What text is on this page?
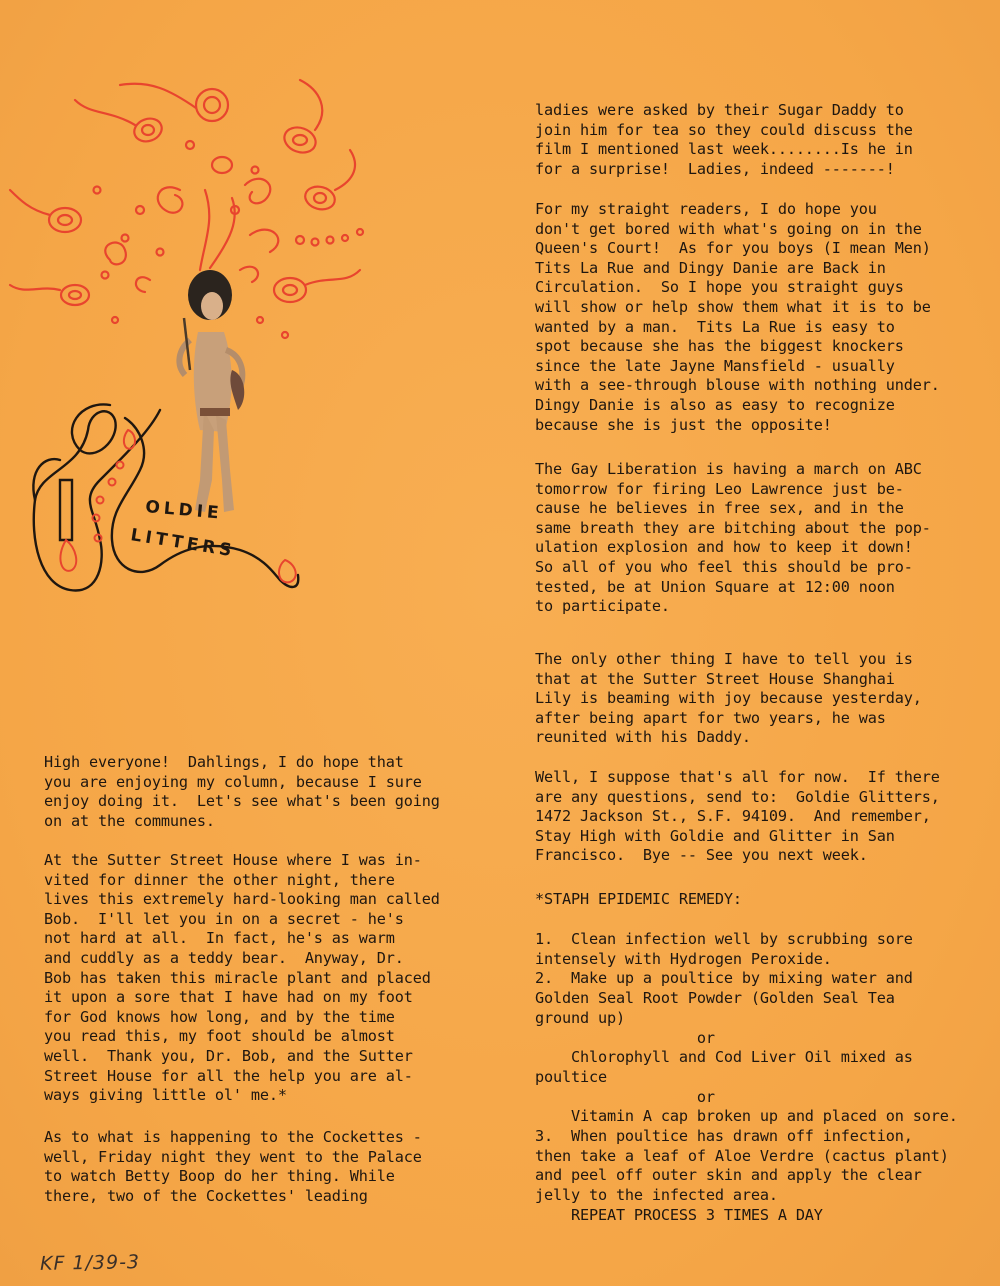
OLDIE
LITTERS
High everyone!  Dahlings, I do hope that
you are enjoying my column, because I sure
enjoy doing it.  Let's see what's been going
on at the communes.
At the Sutter Street House where I was in-
vited for dinner the other night, there
lives this extremely hard-looking man called
Bob.  I'll let you in on a secret - he's
not hard at all.  In fact, he's as warm
and cuddly as a teddy bear.  Anyway, Dr.
Bob has taken this miracle plant and placed
it upon a sore that I have had on my foot
for God knows how long, and by the time
you read this, my foot should be almost
well.  Thank you, Dr. Bob, and the Sutter
Street House for all the help you are al-
ways giving little ol' me.*
As to what is happening to the Cockettes -
well, Friday night they went to the Palace
to watch Betty Boop do her thing. While
there, two of the Cockettes' leading
ladies were asked by their Sugar Daddy to
join him for tea so they could discuss the
film I mentioned last week........Is he in
for a surprise!  Ladies, indeed -------!
For my straight readers, I do hope you
don't get bored with what's going on in the
Queen's Court!  As for you boys (I mean Men)
Tits La Rue and Dingy Danie are Back in
Circulation.  So I hope you straight guys
will show or help show them what it is to be
wanted by a man.  Tits La Rue is easy to
spot because she has the biggest knockers
since the late Jayne Mansfield - usually
with a see-through blouse with nothing under.
Dingy Danie is also as easy to recognize
because she is just the opposite!
The Gay Liberation is having a march on ABC
tomorrow for firing Leo Lawrence just be-
cause he believes in free sex, and in the
same breath they are bitching about the pop-
ulation explosion and how to keep it down!
So all of you who feel this should be pro-
tested, be at Union Square at 12:00 noon
to participate.
The only other thing I have to tell you is
that at the Sutter Street House Shanghai
Lily is beaming with joy because yesterday,
after being apart for two years, he was
reunited with his Daddy.
Well, I suppose that's all for now.  If there
are any questions, send to:  Goldie Glitters,
1472 Jackson St., S.F. 94109.  And remember,
Stay High with Goldie and Glitter in San
Francisco.  Bye -- See you next week.
*STAPH EPIDEMIC REMEDY:
1.  Clean infection well by scrubbing sore
intensely with Hydrogen Peroxide.
2.  Make up a poultice by mixing water and
Golden Seal Root Powder (Golden Seal Tea
ground up)
or
Chlorophyll and Cod Liver Oil mixed as
poultice
or
Vitamin A cap broken up and placed on sore.
3.  When poultice has drawn off infection,
then take a leaf of Aloe Verdre (cactus plant)
and peel off outer skin and apply the clear
jelly to the infected area.
REPEAT PROCESS 3 TIMES A DAY
KF 1/39-3
